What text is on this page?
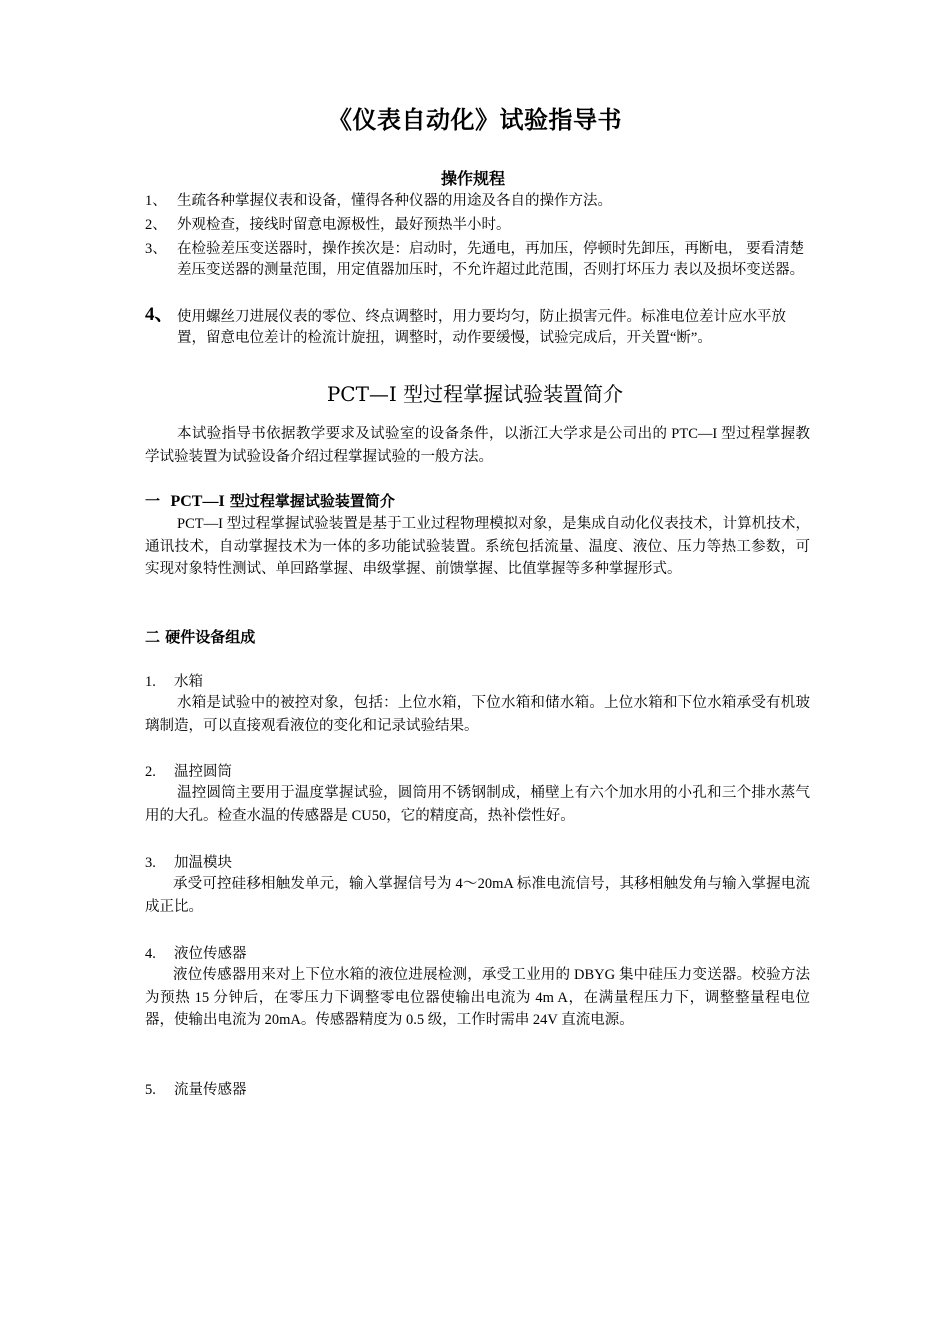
《仪表自动化》试验指导书
操作规程
1、 生疏各种掌握仪表和设备，懂得各种仪器的用途及各自的操作方法。
2、 外观检查，接线时留意电源极性，最好预热半小时。
3、 在检验差压变送器时，操作挨次是：启动时，先通电，再加压，停顿时先卸压，再断电， 要看清楚差压变送器的测量范围，用定值器加压时，不允许超过此范围，否则打坏压力 表以及损坏变送器。
4、 使用螺丝刀进展仪表的零位、终点调整时，用力要均匀，防止损害元件。标准电位差计应水平放置，留意电位差计的检流计旋扭，调整时，动作要缓慢，试验完成后，开关置“断”。
PCT—I 型过程掌握试验装置简介
本试验指导书依据教学要求及试验室的设备条件，以浙江大学求是公司出的 PTC—I 型过程掌握教学试验装置为试验设备介绍过程掌握试验的一般方法。
一 PCT—I 型过程掌握试验装置简介
PCT—I 型过程掌握试验装置是基于工业过程物理模拟对象，是集成自动化仪表技术，计算机技术，通讯技术，自动掌握技术为一体的多功能试验装置。系统包括流量、温度、液位、压力等热工参数，可实现对象特性测试、单回路掌握、串级掌握、前馈掌握、比值掌握等多种掌握形式。
二 硬件设备组成
1. 水箱
水箱是试验中的被控对象，包括：上位水箱，下位水箱和储水箱。上位水箱和下位水箱承受有机玻璃制造，可以直接观看液位的变化和记录试验结果。
2. 温控圆筒
温控圆筒主要用于温度掌握试验，圆筒用不锈钢制成，桶壁上有六个加水用的小孔和三个排水蒸气用的大孔。检查水温的传感器是 CU50，它的精度高，热补偿性好。
3. 加温模块
承受可控硅移相触发单元，输入掌握信号为 4～20mA 标准电流信号，其移相触发角与输入掌握电流成正比。
4. 液位传感器
液位传感器用来对上下位水箱的液位进展检测，承受工业用的 DBYG 集中硅压力变送器。校验方法为预热 15 分钟后，在零压力下调整零电位器使输出电流为 4m A，在满量程压力下，调整整量程电位器，使输出电流为 20mA。传感器精度为 0.5 级，工作时需串 24V 直流电源。
5. 流量传感器
